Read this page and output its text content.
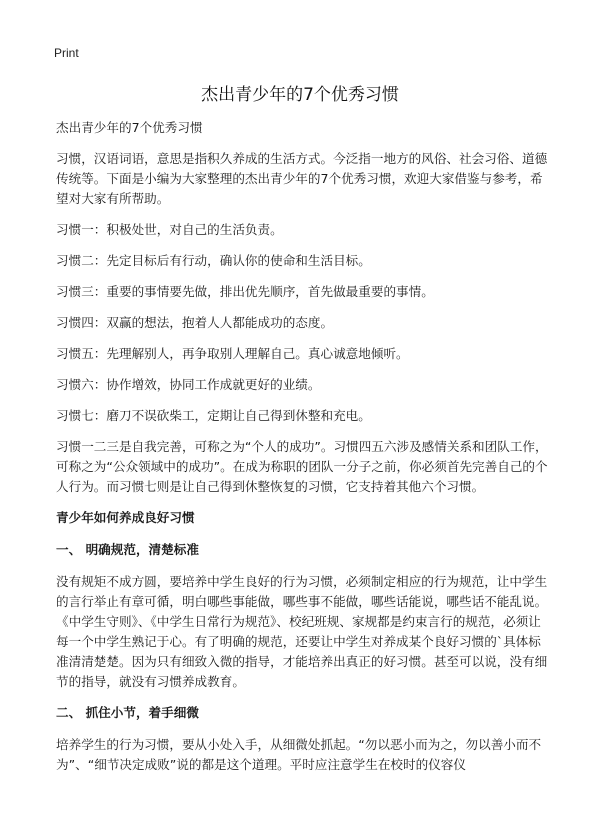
Print
杰出青少年的7个优秀习惯

杰出青少年的7个优秀习惯

习惯，汉语词语，意思是指积久养成的生活方式。今泛指一地方的风俗、社会习俗、道德传统等。下面是小编为大家整理的杰出青少年的7个优秀习惯，欢迎大家借鉴与参考，希望对大家有所帮助。

习惯一：积极处世，对自己的生活负责。

习惯二：先定目标后有行动，确认你的使命和生活目标。

习惯三：重要的事情要先做，排出优先顺序，首先做最重要的事情。

习惯四：双赢的想法，抱着人人都能成功的态度。

习惯五：先理解别人，再争取别人理解自己。真心诚意地倾听。

习惯六：协作增效，协同工作成就更好的业绩。

习惯七：磨刀不误砍柴工，定期让自己得到休整和充电。

习惯一二三是自我完善，可称之为“个人的成功”。习惯四五六涉及感情关系和团队工作，可称之为“公众领域中的成功”。在成为称职的团队一分子之前，你必须首先完善自己的个人行为。而习惯七则是让自己得到休整恢复的习惯，它支持着其他六个习惯。

青少年如何养成良好习惯
一、 明确规范，清楚标准

没有规矩不成方圆，要培养中学生良好的行为习惯，必须制定相应的行为规范，让中学生的言行举止有章可循，明白哪些事能做，哪些事不能做，哪些话能说，哪些话不能乱说。《中学生守则》、《中学生日常行为规范》、校纪班规、家规都是约束言行的规范，必须让每一个中学生熟记于心。有了明确的规范，还要让中学生对养成某个良好习惯的`具体标准清清楚楚。因为只有细致入微的指导，才能培养出真正的好习惯。甚至可以说，没有细节的指导，就没有习惯养成教育。

二、 抓住小节，着手细微

培养学生的行为习惯，要从小处入手，从细微处抓起。“勿以恶小而为之，勿以善小而不为”、“细节决定成败”说的都是这个道理。平时应注意学生在校时的仪容仪
